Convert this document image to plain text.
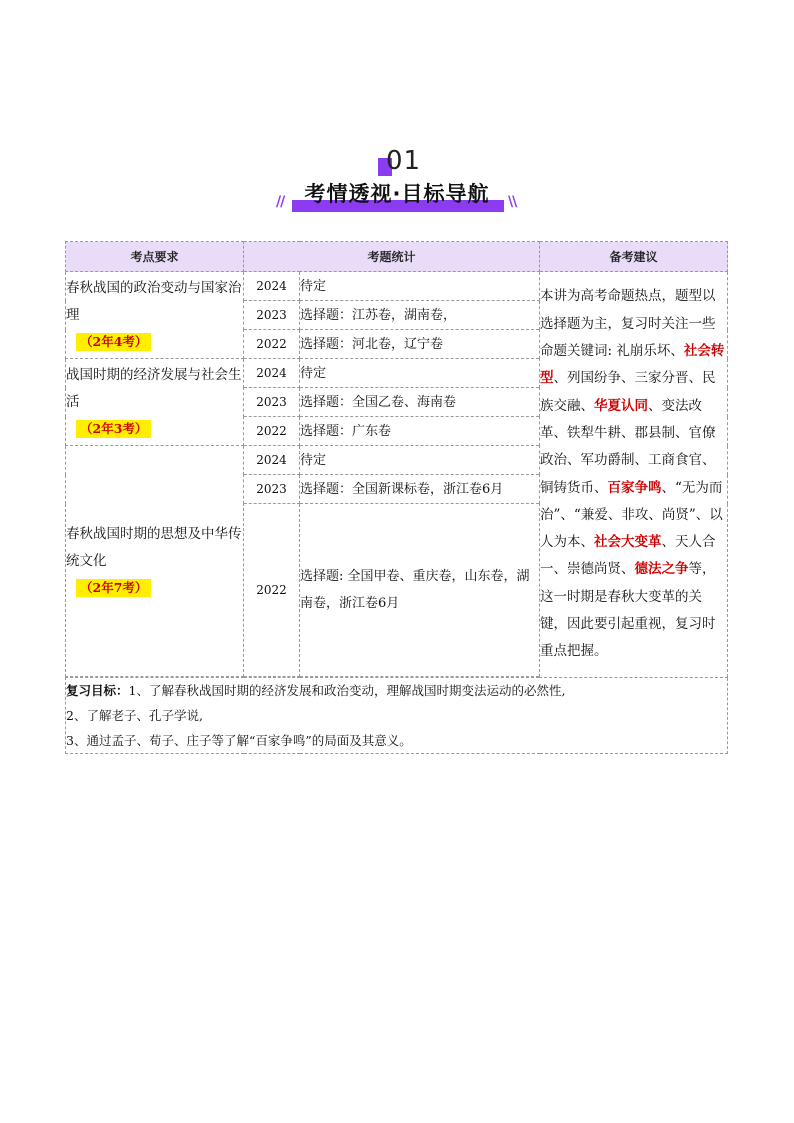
01
// 考情透视·目标导航	\\
考点要求	考题统计		备考建议

春秋战国的政治变动与国家治理
（2年4考）	2024	待定	本讲为高考命题热点，题型以选择题为主，复习时关注一些命题关键词: 礼崩乐坏、社会转型、列国纷争、三家分晋、民族交融、华夏认同、变法改革、铁犁牛耕、郡县制、官僚政治、军功爵制、工商食官、铜铸货币、百家争鸣、“无为而治”、“兼爱、非攻、尚贤”、以人为本、社会大变革、天人合一、崇德尚贤、德法之争等，这一时期是春秋大变革的关键，因此要引起重视，复习时重点把握。
	2023	选择题：江苏卷，湖南卷，	
	2022	选择题：河北卷，辽宁卷	

战国时期的经济发展与社会生活
（2年3考）	2024	待定	
	2023	选择题：全国乙卷、海南卷	
	2022	选择题：广东卷	

春秋战国时期的思想及中华传统文化
（2年7考）	2024	待定	
	2023	选择题：全国新课标卷，浙江卷6月	
	2022	选择题: 全国甲卷、重庆卷，山东卷，湖南卷，浙江卷6月	

复习目标：1、了解春秋战国时期的经济发展和政治变动，理解战国时期变法运动的必然性,
2、了解老子、孔子学说,
3、通过孟子、荀子、庄子等了解“百家争鸣”的局面及其意义。			
